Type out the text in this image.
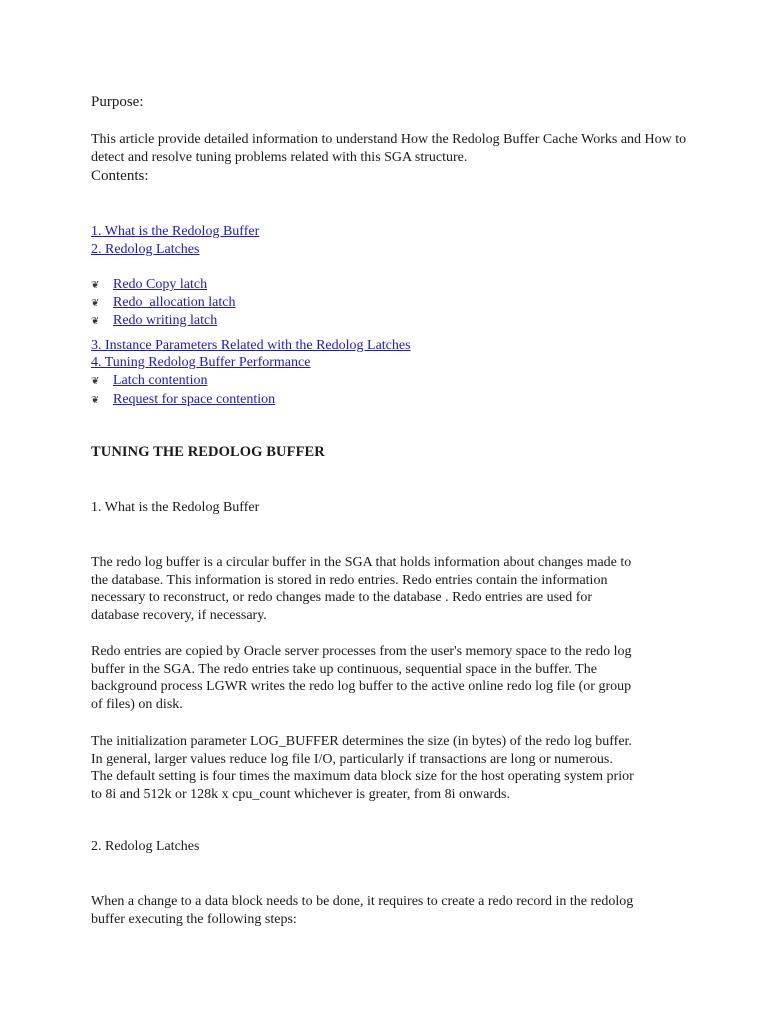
Purpose:
This article provide detailed information to understand How the Redolog Buffer Cache Works and How to detect and resolve tuning problems related with this SGA structure.
Contents:
1. What is the Redolog Buffer
2. Redolog Latches
❦ Redo Copy latch
❦ Redo  allocation latch
❦ Redo writing latch
3. Instance Parameters Related with the Redolog Latches
4. Tuning Redolog Buffer Performance
❦ Latch contention
❦ Request for space contention
TUNING THE REDOLOG BUFFER
1. What is the Redolog Buffer
The redo log buffer is a circular buffer in the SGA that holds information about changes made to
the database. This information is stored in redo entries. Redo entries contain the information
necessary to reconstruct, or redo changes made to the database . Redo entries are used for
database recovery, if necessary.
Redo entries are copied by Oracle server processes from the user's memory space to the redo log
buffer in the SGA. The redo entries take up continuous, sequential space in the buffer. The
background process LGWR writes the redo log buffer to the active online redo log file (or group
of files) on disk.
The initialization parameter LOG_BUFFER determines the size (in bytes) of the redo log buffer.
In general, larger values reduce log file I/O, particularly if transactions are long or numerous.
The default setting is four times the maximum data block size for the host operating system prior
to 8i and 512k or 128k x cpu_count whichever is greater, from 8i onwards.
2. Redolog Latches
When a change to a data block needs to be done, it requires to create a redo record in the redolog
buffer executing the following steps:
